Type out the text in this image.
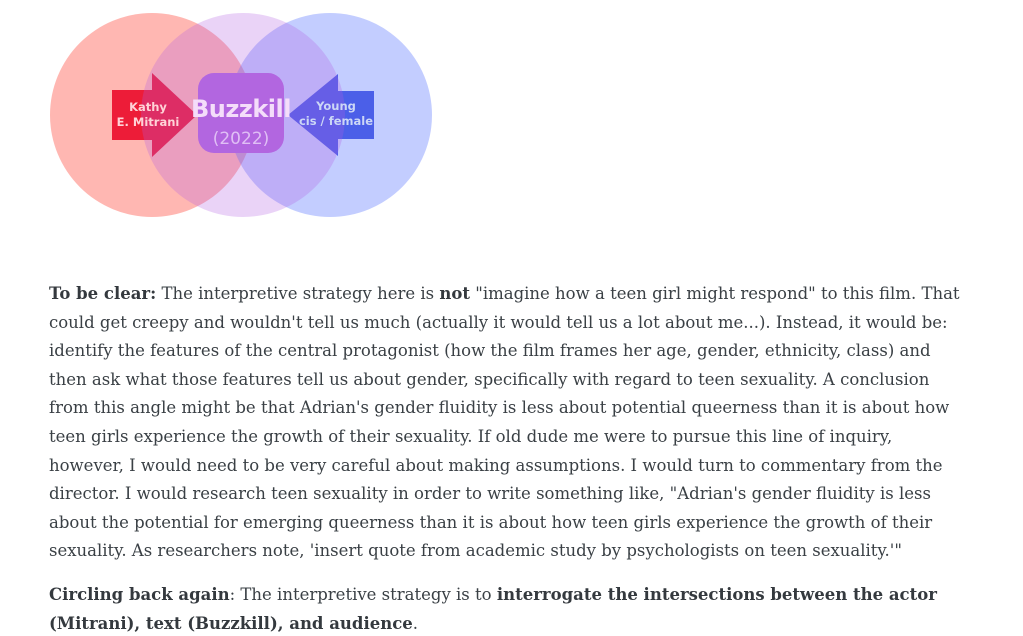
Kathy
E. Mitrani Buzzkill
(2022)
Young
cis / female

To be clear: The interpretive strategy here is not "imagine how a teen girl might respond" to this film. That could get creepy and wouldn't tell us much (actually it would tell us a lot about me...). Instead, it would be: identify the features of the central protagonist (how the film frames her age, gender, ethnicity, class) and then ask what those features tell us about gender, specifically with regard to teen sexuality. A conclusion from this angle might be that Adrian's gender fluidity is less about potential queerness than it is about how teen girls experience the growth of their sexuality. If old dude me were to pursue this line of inquiry, however, I would need to be very careful about making assumptions. I would turn to commentary from the director. I would research teen sexuality in order to write something like, "Adrian's gender fluidity is less about the potential for emerging queerness than it is about how teen girls experience the growth of their sexuality. As researchers note, 'insert quote from academic study by psychologists on teen sexuality.'"

Circling back again: The interpretive strategy is to interrogate the intersections between the actor (Mitrani), text (Buzzkill), and audience.
